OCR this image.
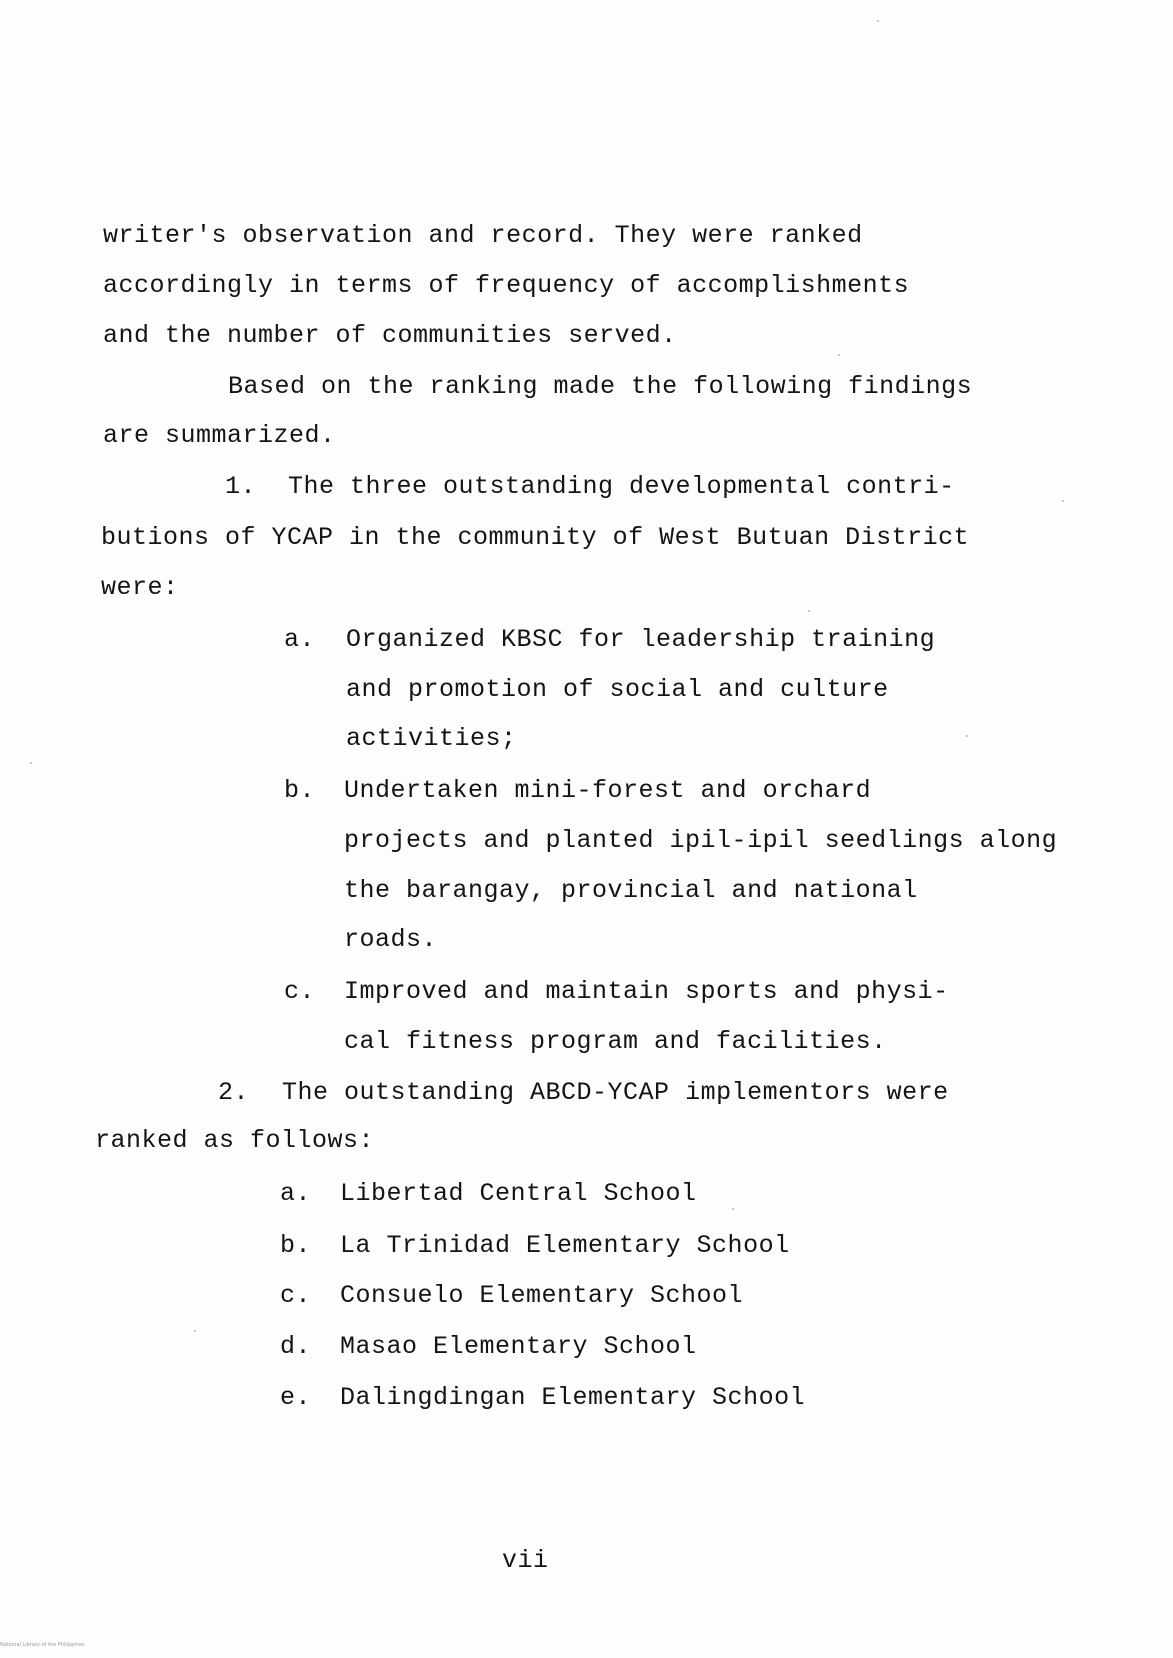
writer's observation and record. They were ranked
accordingly in terms of frequency of accomplishments
and the number of communities served.
Based on the ranking made the following findings
are summarized.
1. The three outstanding developmental contri-
butions of YCAP in the community of West Butuan District
were:
a. Organized KBSC for leadership training
and promotion of social and culture
activities;
b. Undertaken mini-forest and orchard
projects and planted ipil-ipil seedlings along
the barangay, provincial and national
roads.
c. Improved and maintain sports and physi-
cal fitness program and facilities.
2. The outstanding ABCD-YCAP implementors were
ranked as follows:
a. Libertad Central School
b. La Trinidad Elementary School
c. Consuelo Elementary School
d. Masao Elementary School
e. Dalingdingan Elementary School
vii
National Library of the Philippines
